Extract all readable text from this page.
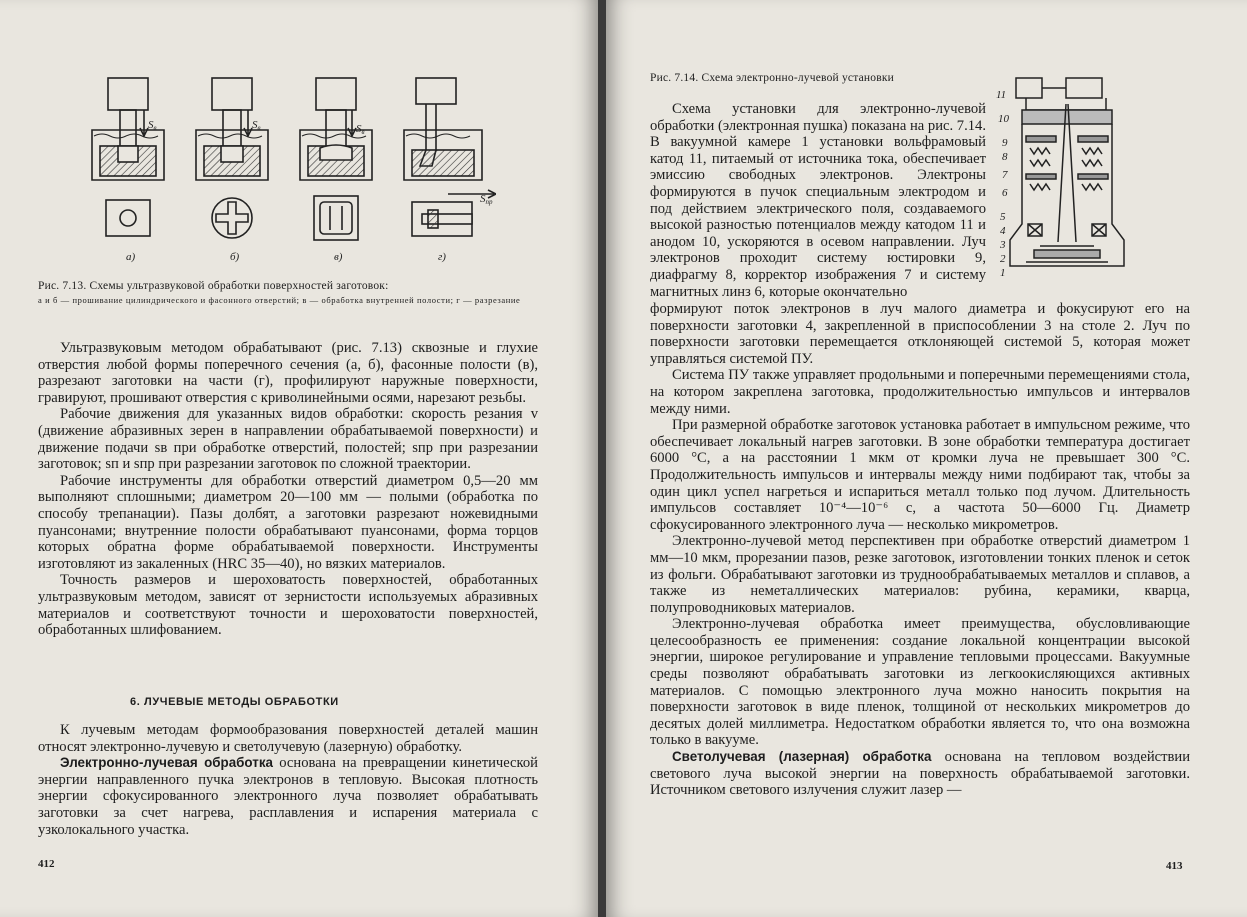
а)	б)	в)	г)
Sв	Sв	Sв
Sпр
Рис. 7.13. Схемы ультразвуковой обработки поверхностей заготовок:
а и б — прошивание цилиндрического и фасонного отверстий; в — обработка внутренней полости; г — разрезание

Ультразвуковым методом обрабатывают (рис. 7.13) сквозные и глухие отверстия любой формы поперечного сечения (а, б), фасонные полости (в), разрезают заготовки на части (г), профилируют наружные поверхности, гравируют, прошивают отверстия с криволинейными осями, нарезают резьбы.

Рабочие движения для указанных видов обработки: скорость резания v (движение абразивных зерен в направлении обрабатываемой поверхности) и движение подачи sв при обработке отверстий, полостей; sпр при разрезании заготовок; sп и sпр при разрезании заготовок по сложной траектории.

Рабочие инструменты для обработки отверстий диаметром 0,5—20 мм выполняют сплошными; диаметром 20—100 мм — полыми (обработка по способу трепанации). Пазы долбят, а заготовки разрезают ножевидными пуансонами; внутренние полости обрабатывают пуансонами, форма торцов которых обратна форме обрабатываемой поверхности. Инструменты изготовляют из закаленных (HRC 35—40), но вязких материалов.

Точность размеров и шероховатость поверхностей, обработанных ультразвуковым методом, зависят от зернистости используемых абразивных материалов и соответствуют точности и шероховатости поверхностей, обработанных шлифованием.

6. ЛУЧЕВЫЕ МЕТОДЫ ОБРАБОТКИ

К лучевым методам формообразования поверхностей деталей машин относят электронно-лучевую и светолучевую (лазерную) обработку.

Электронно-лучевая обработка основана на превращении кинетической энергии направленного пучка электронов в тепловую. Высокая плотность энергии сфокусированного электронного луча позволяет обрабатывать заготовки за счет нагрева, расплавления и испарения материала с узколокального участка.

412
Рис. 7.14. Схема электронно-лучевой установки
11
10
9
8
7
6
5
4
3
2
1

Схема установки для электронно-лучевой обработки (электронная пушка) показана на рис. 7.14. В вакуумной камере 1 установки вольфрамовый катод 11, питаемый от источника тока, обеспечивает эмиссию свободных электронов. Электроны формируются в пучок специальным электродом и под действием электрического поля, создаваемого высокой разностью потенциалов между катодом 11 и анодом 10, ускоряются в осевом направлении. Луч электронов проходит систему юстировки 9, диафрагму 8, корректор изображения 7 и систему магнитных линз 6, которые окончательно

формируют поток электронов в луч малого диаметра и фокусируют его на поверхности заготовки 4, закрепленной в приспособлении 3 на столе 2. Луч по поверхности заготовки перемещается отклоняющей системой 5, которая может управляться системой ПУ.

Система ПУ также управляет продольными и поперечными перемещениями стола, на котором закреплена заготовка, продолжительностью импульсов и интервалов между ними.

При размерной обработке заготовок установка работает в импульсном режиме, что обеспечивает локальный нагрев заготовки. В зоне обработки температура достигает 6000 °С, а на расстоянии 1 мкм от кромки луча не превышает 300 °С. Продолжительность импульсов и интервалы между ними подбирают так, чтобы за один цикл успел нагреться и испариться металл только под лучом. Длительность импульсов составляет 10⁻⁴—10⁻⁶ с, а частота 50—6000 Гц. Диаметр сфокусированного электронного луча — несколько микрометров.

Электронно-лучевой метод перспективен при обработке отверстий диаметром 1 мм—10 мкм, прорезании пазов, резке заготовок, изготовлении тонких пленок и сеток из фольги. Обрабатывают заготовки из труднообрабатываемых металлов и сплавов, а также из неметаллических материалов: рубина, керамики, кварца, полупроводниковых материалов.

Электронно-лучевая обработка имеет преимущества, обусловливающие целесообразность ее применения: создание локальной концентрации высокой энергии, широкое регулирование и управление тепловыми процессами. Вакуумные среды позволяют обрабатывать заготовки из легкоокисляющихся активных материалов. С помощью электронного луча можно наносить покрытия на поверхности заготовок в виде пленок, толщиной от нескольких микрометров до десятых долей миллиметра. Недостатком обработки является то, что она возможна только в вакууме.

Светолучевая (лазерная) обработка основана на тепловом воздействии светового луча высокой энергии на поверхность обрабатываемой заготовки. Источником светового излучения служит лазер —

413
